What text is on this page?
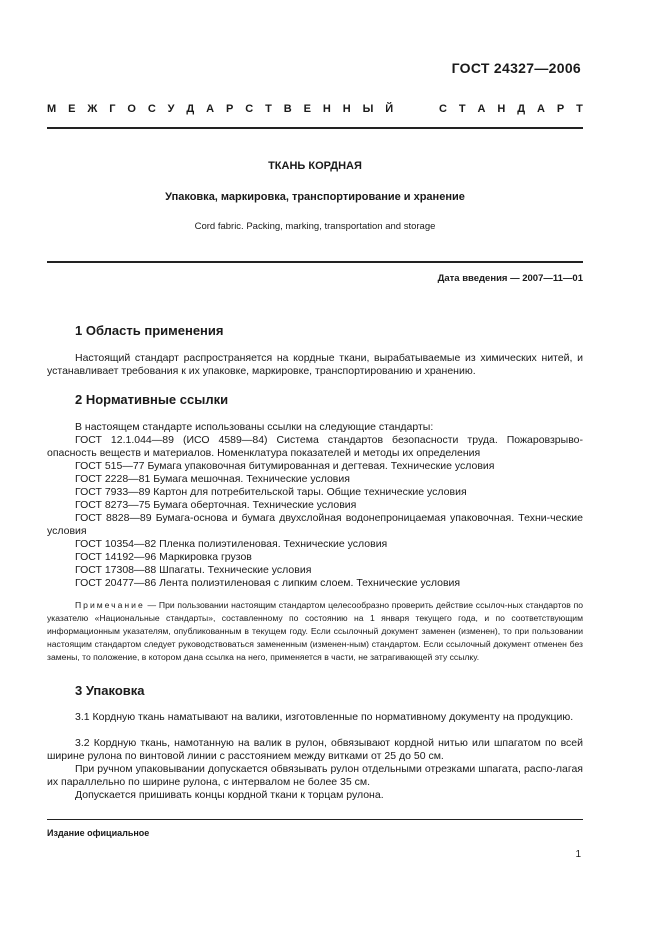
ГОСТ 24327—2006
М Е Ж Г О С У Д А Р С Т В Е Н Н Ы Й	С Т А Н Д А Р Т
ТКАНЬ КОРДНАЯ
Упаковка, маркировка, транспортирование и хранение
Cord fabric. Packing, marking, transportation and storage
Дата введения — 2007—11—01
1 Область применения
Настоящий стандарт распространяется на кордные ткани, вырабатываемые из химических нитей, и устанавливает требования к их упаковке, маркировке, транспортированию и хранению.
2 Нормативные ссылки
В настоящем стандарте использованы ссылки на следующие стандарты:
ГОСТ 12.1.044—89 (ИСО 4589—84) Система стандартов безопасности труда. Пожаровзрыво-опасность веществ и материалов. Номенклатура показателей и методы их определения
ГОСТ 515—77 Бумага упаковочная битумированная и дегтевая. Технические условия
ГОСТ 2228—81 Бумага мешочная. Технические условия
ГОСТ 7933—89 Картон для потребительской тары. Общие технические условия
ГОСТ 8273—75 Бумага оберточная. Технические условия
ГОСТ 8828—89 Бумага-основа и бумага двухслойная водонепроницаемая упаковочная. Техни-ческие условия
ГОСТ 10354—82 Пленка полиэтиленовая. Технические условия
ГОСТ 14192—96 Маркировка грузов
ГОСТ 17308—88 Шпагаты. Технические условия
ГОСТ 20477—86 Лента полиэтиленовая с липким слоем. Технические условия
Примечание — При пользовании настоящим стандартом целесообразно проверить действие ссылоч-ных стандартов по указателю «Национальные стандарты», составленному по состоянию на 1 января текущего года, и по соответствующим информационным указателям, опубликованным в текущем году. Если ссылочный документ заменен (изменен), то при пользовании настоящим стандартом следует руководствоваться замененным (изменен-ным) стандартом. Если ссылочный документ отменен без замены, то положение, в котором дана ссылка на него, применяется в части, не затрагивающей эту ссылку.
3 Упаковка
3.1 Кордную ткань наматывают на валики, изготовленные по нормативному документу на продукцию.
3.2 Кордную ткань, намотанную на валик в рулон, обвязывают кордной нитью или шпагатом по всей ширине рулона по винтовой линии с расстоянием между витками от 25 до 50 см.
При ручном упаковывании допускается обвязывать рулон отдельными отрезками шпагата, распо-лагая их параллельно по ширине рулона, с интервалом не более 35 см.
Допускается пришивать концы кордной ткани к торцам рулона.
Издание официальное
1
